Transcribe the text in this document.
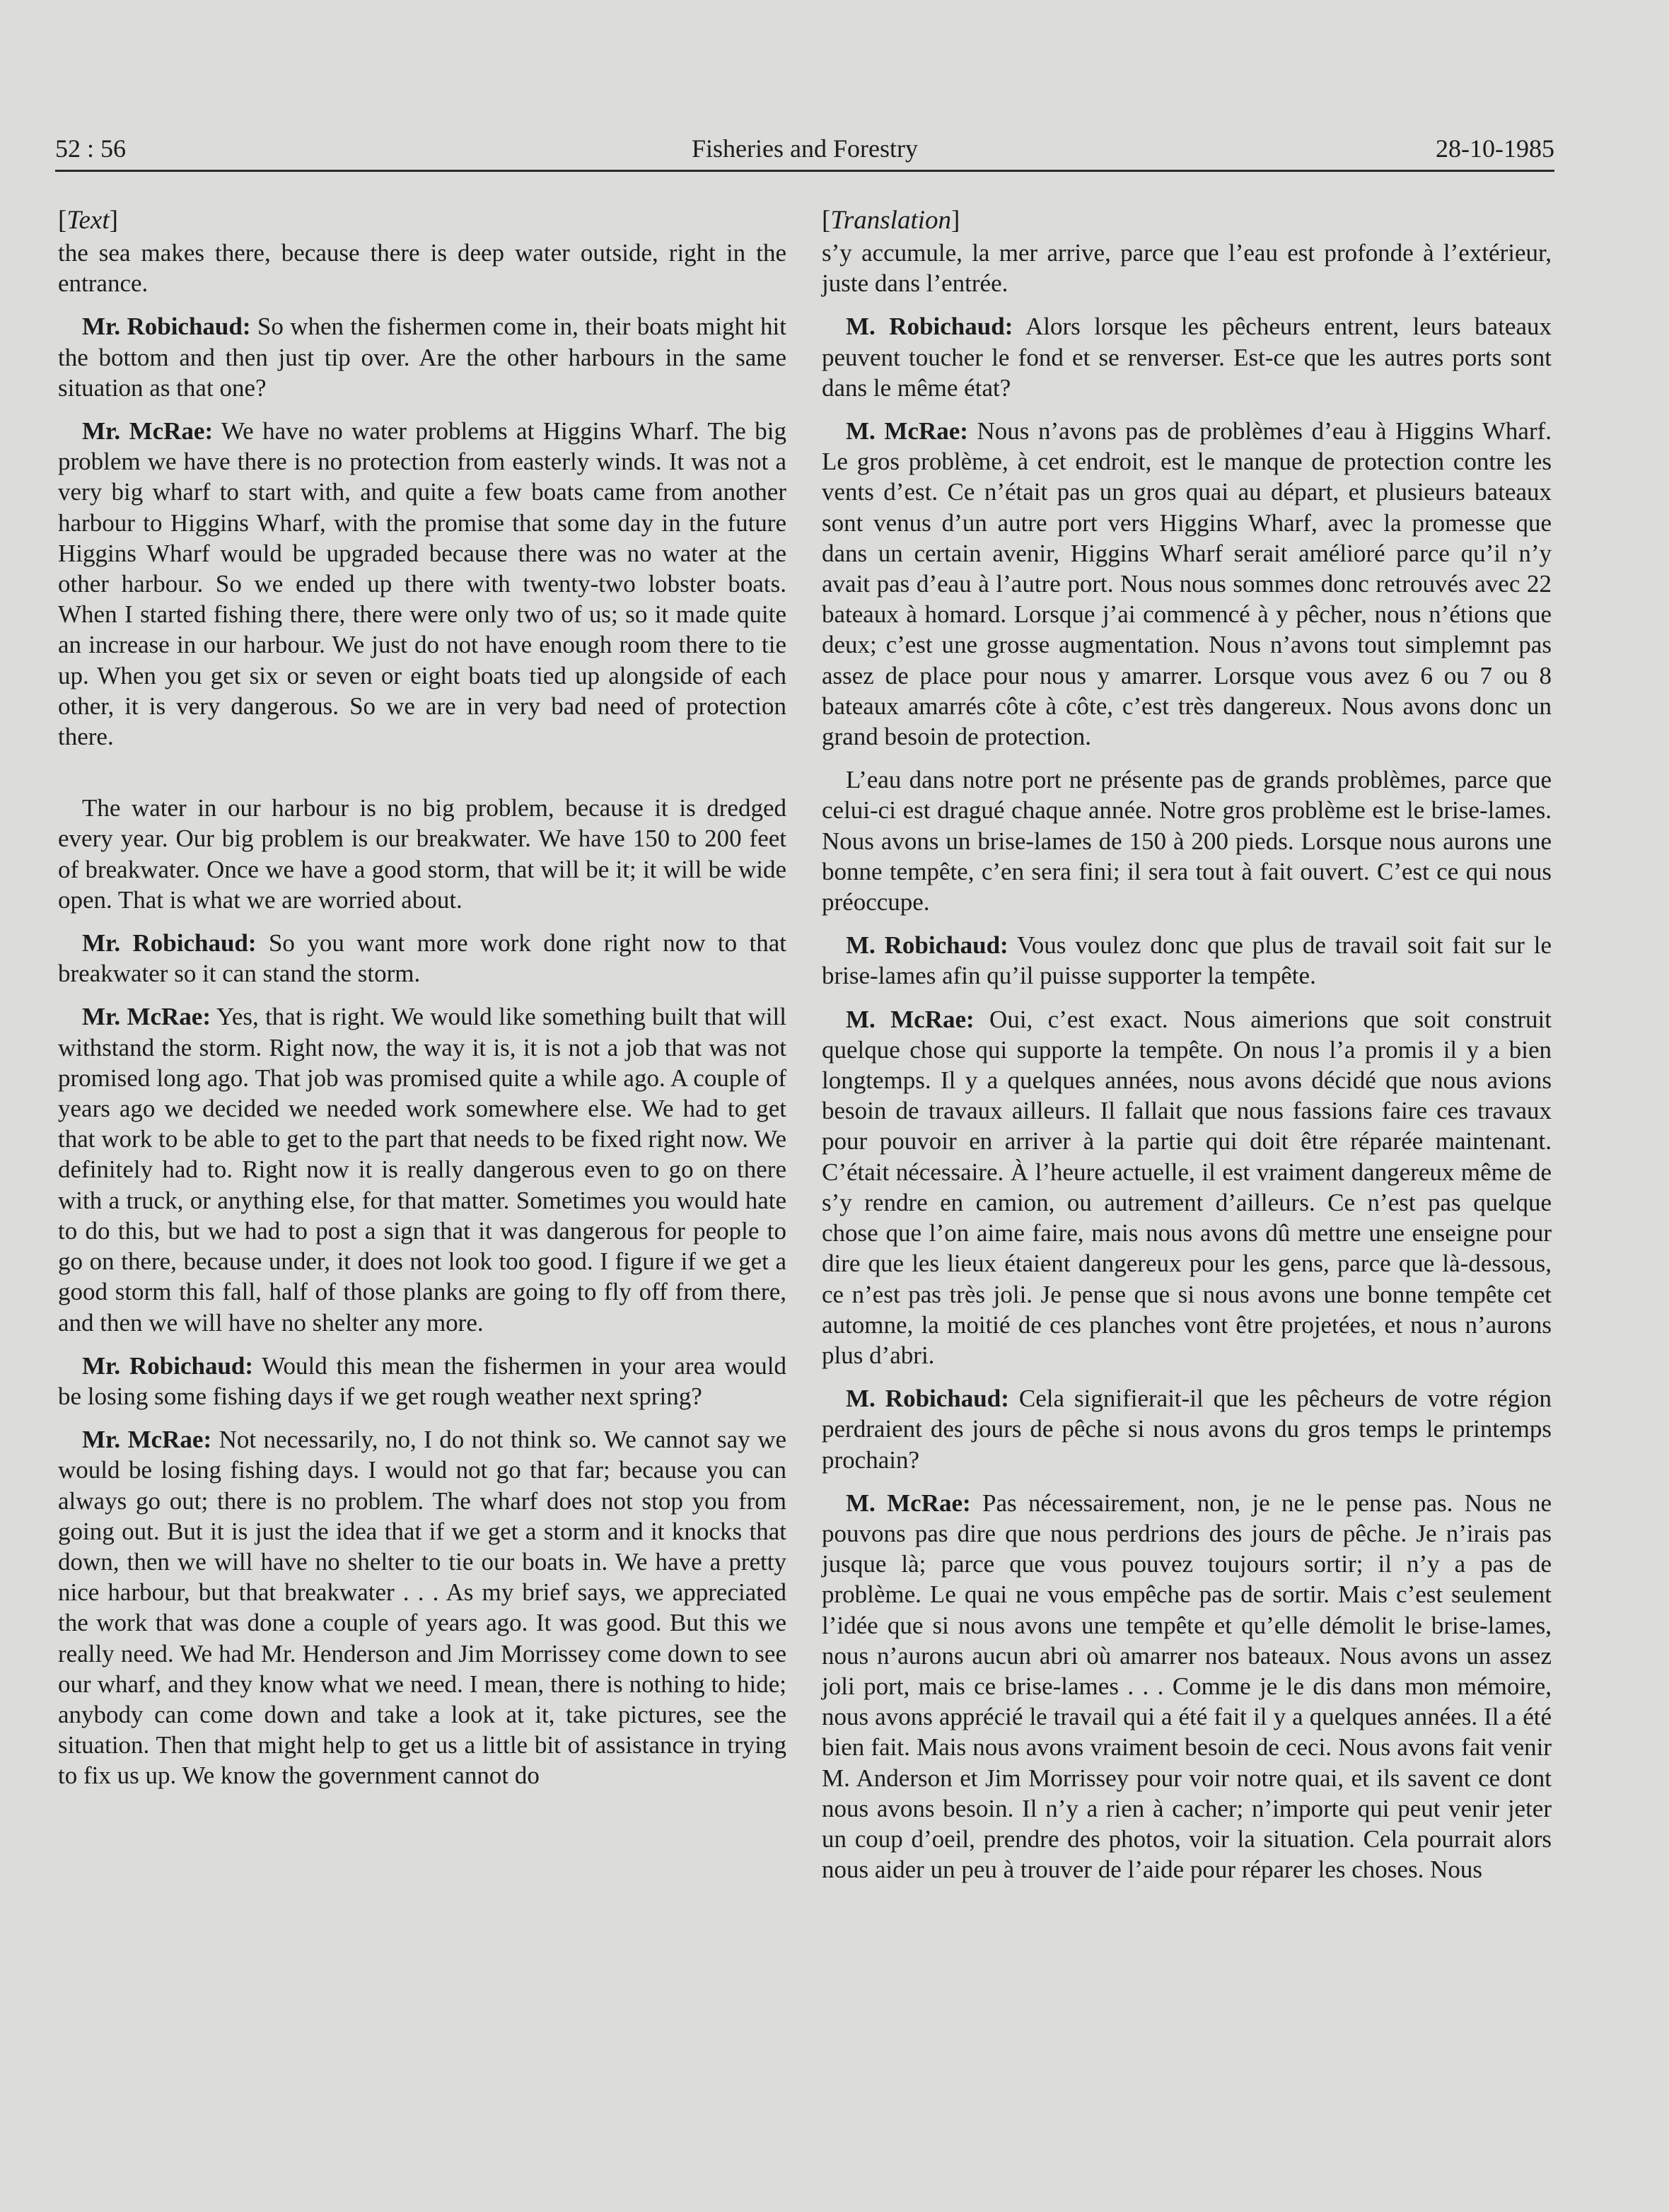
52 : 56	Fisheries and Forestry	28-10-1985
[Text]

the sea makes there, because there is deep water outside, right in the entrance.

Mr. Robichaud: So when the fishermen come in, their boats might hit the bottom and then just tip over. Are the other harbours in the same situation as that one?

Mr. McRae: We have no water problems at Higgins Wharf. The big problem we have there is no protection from easterly winds. It was not a very big wharf to start with, and quite a few boats came from another harbour to Higgins Wharf, with the promise that some day in the future Higgins Wharf would be upgraded because there was no water at the other harbour. So we ended up there with twenty-two lobster boats. When I started fishing there, there were only two of us; so it made quite an increase in our harbour. We just do not have enough room there to tie up. When you get six or seven or eight boats tied up alongside of each other, it is very dangerous. So we are in very bad need of protection there.

The water in our harbour is no big problem, because it is dredged every year. Our big problem is our breakwater. We have 150 to 200 feet of breakwater. Once we have a good storm, that will be it; it will be wide open. That is what we are worried about.

Mr. Robichaud: So you want more work done right now to that breakwater so it can stand the storm.

Mr. McRae: Yes, that is right. We would like something built that will withstand the storm. Right now, the way it is, it is not a job that was not promised long ago. That job was promised quite a while ago. A couple of years ago we decided we needed work somewhere else. We had to get that work to be able to get to the part that needs to be fixed right now. We definitely had to. Right now it is really dangerous even to go on there with a truck, or anything else, for that matter. Sometimes you would hate to do this, but we had to post a sign that it was dangerous for people to go on there, because under, it does not look too good. I figure if we get a good storm this fall, half of those planks are going to fly off from there, and then we will have no shelter any more.

Mr. Robichaud: Would this mean the fishermen in your area would be losing some fishing days if we get rough weather next spring?

Mr. McRae: Not necessarily, no, I do not think so. We cannot say we would be losing fishing days. I would not go that far; because you can always go out; there is no problem. The wharf does not stop you from going out. But it is just the idea that if we get a storm and it knocks that down, then we will have no shelter to tie our boats in. We have a pretty nice harbour, but that breakwater . . . As my brief says, we appreciated the work that was done a couple of years ago. It was good. But this we really need. We had Mr. Henderson and Jim Morrissey come down to see our wharf, and they know what we need. I mean, there is nothing to hide; anybody can come down and take a look at it, take pictures, see the situation. Then that might help to get us a little bit of assistance in trying to fix us up. We know the government cannot do

[Translation]

s’y accumule, la mer arrive, parce que l’eau est profonde à l’extérieur, juste dans l’entrée.

M. Robichaud: Alors lorsque les pêcheurs entrent, leurs bateaux peuvent toucher le fond et se renverser. Est-ce que les autres ports sont dans le même état?

M. McRae: Nous n’avons pas de problèmes d’eau à Higgins Wharf. Le gros problème, à cet endroit, est le manque de protection contre les vents d’est. Ce n’était pas un gros quai au départ, et plusieurs bateaux sont venus d’un autre port vers Higgins Wharf, avec la promesse que dans un certain avenir, Higgins Wharf serait amélioré parce qu’il n’y avait pas d’eau à l’autre port. Nous nous sommes donc retrouvés avec 22 bateaux à homard. Lorsque j’ai commencé à y pêcher, nous n’étions que deux; c’est une grosse augmentation. Nous n’avons tout simplemnt pas assez de place pour nous y amarrer. Lorsque vous avez 6 ou 7 ou 8 bateaux amarrés côte à côte, c’est très dangereux. Nous avons donc un grand besoin de protection.

L’eau dans notre port ne présente pas de grands problèmes, parce que celui-ci est dragué chaque année. Notre gros problème est le brise-lames. Nous avons un brise-lames de 150 à 200 pieds. Lorsque nous aurons une bonne tempête, c’en sera fini; il sera tout à fait ouvert. C’est ce qui nous préoccupe.

M. Robichaud: Vous voulez donc que plus de travail soit fait sur le brise-lames afin qu’il puisse supporter la tempête.

M. McRae: Oui, c’est exact. Nous aimerions que soit construit quelque chose qui supporte la tempête. On nous l’a promis il y a bien longtemps. Il y a quelques années, nous avons décidé que nous avions besoin de travaux ailleurs. Il fallait que nous fassions faire ces travaux pour pouvoir en arriver à la partie qui doit être réparée maintenant. C’était nécessaire. À l’heure actuelle, il est vraiment dangereux même de s’y rendre en camion, ou autrement d’ailleurs. Ce n’est pas quelque chose que l’on aime faire, mais nous avons dû mettre une enseigne pour dire que les lieux étaient dangereux pour les gens, parce que là-dessous, ce n’est pas très joli. Je pense que si nous avons une bonne tempête cet automne, la moitié de ces planches vont être projetées, et nous n’aurons plus d’abri.

M. Robichaud: Cela signifierait-il que les pêcheurs de votre région perdraient des jours de pêche si nous avons du gros temps le printemps prochain?

M. McRae: Pas nécessairement, non, je ne le pense pas. Nous ne pouvons pas dire que nous perdrions des jours de pêche. Je n’irais pas jusque là; parce que vous pouvez toujours sortir; il n’y a pas de problème. Le quai ne vous empêche pas de sortir. Mais c’est seulement l’idée que si nous avons une tempête et qu’elle démolit le brise-lames, nous n’aurons aucun abri où amarrer nos bateaux. Nous avons un assez joli port, mais ce brise-lames . . . Comme je le dis dans mon mémoire, nous avons apprécié le travail qui a été fait il y a quelques années. Il a été bien fait. Mais nous avons vraiment besoin de ceci. Nous avons fait venir M. Anderson et Jim Morrissey pour voir notre quai, et ils savent ce dont nous avons besoin. Il n’y a rien à cacher; n’importe qui peut venir jeter un coup d’oeil, prendre des photos, voir la situation. Cela pourrait alors nous aider un peu à trouver de l’aide pour réparer les choses. Nous
